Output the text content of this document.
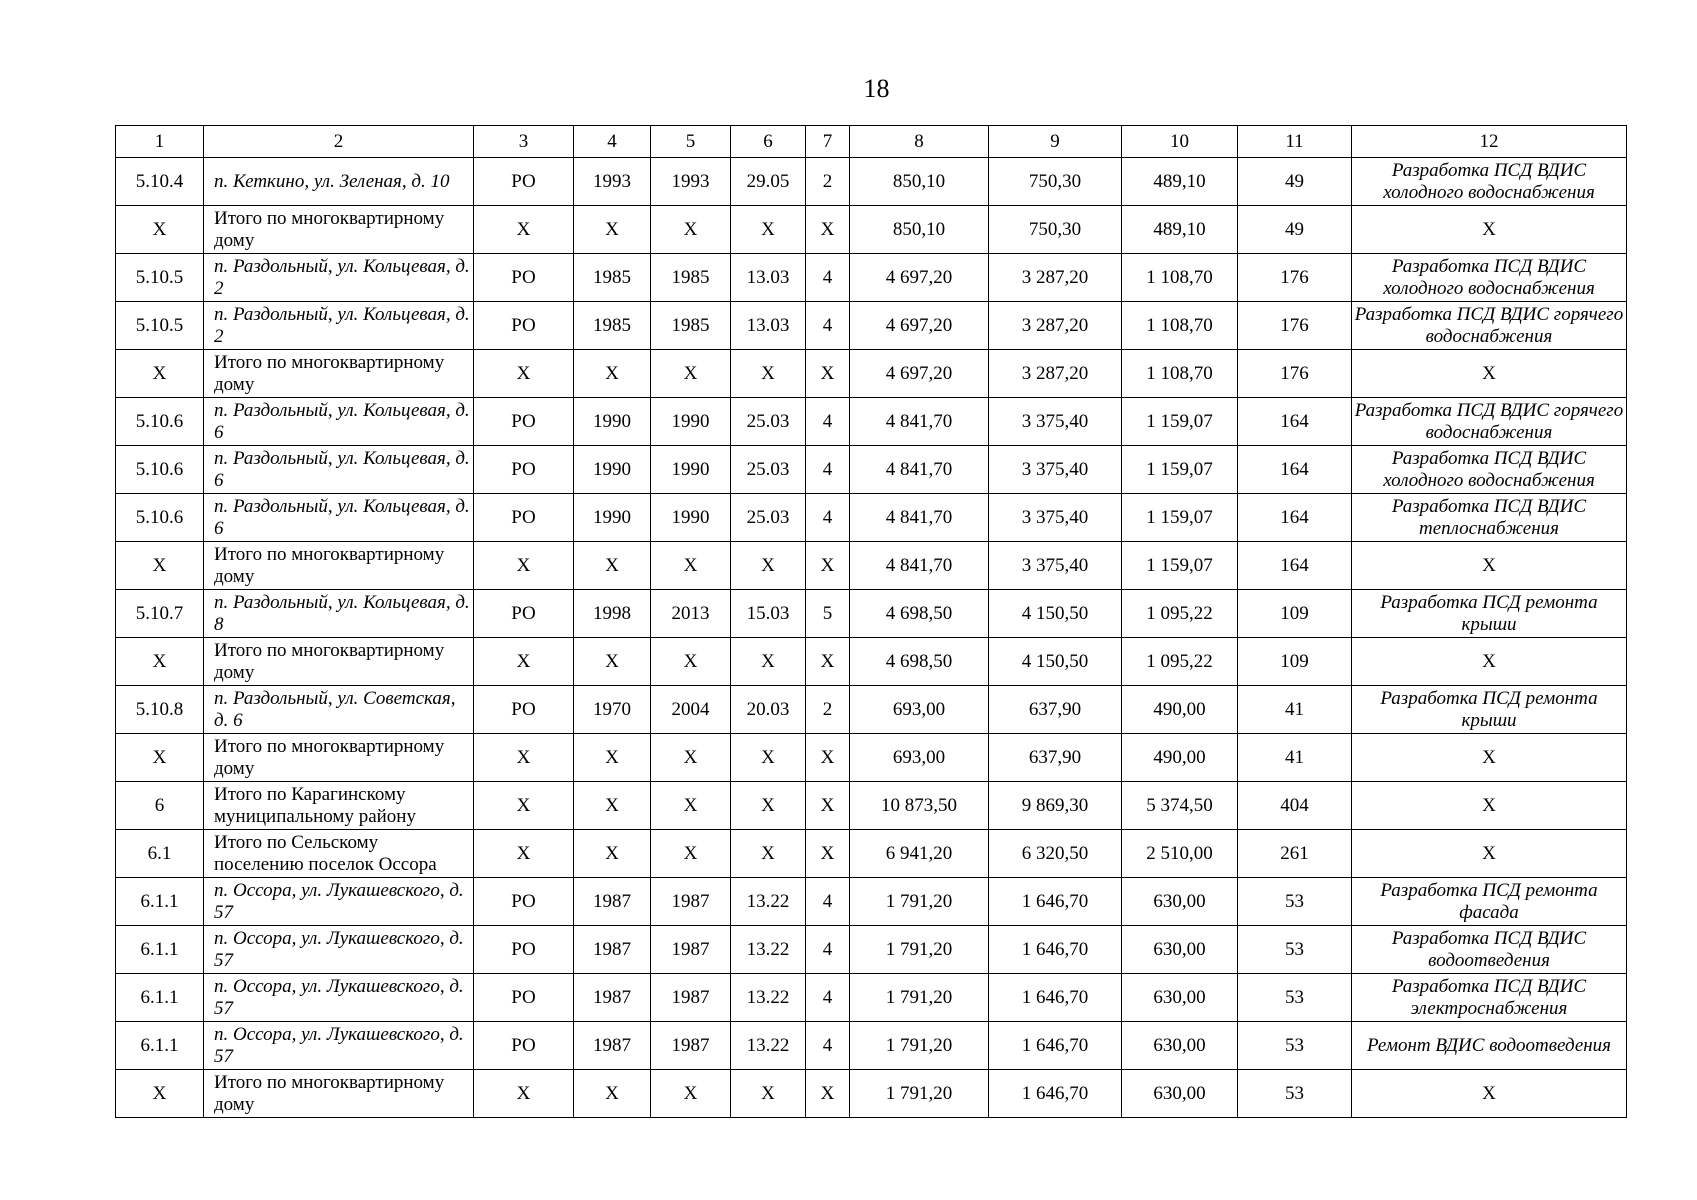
18
1	2	3	4	5	6	7	8	9	10	11	12
5.10.4	п. Кеткино, ул. Зеленая, д. 10	РО	1993	1993	29.05	2	850,10	750,30	489,10	49	Разработка ПСД ВДИС холодного водоснабжения
X	Итого по многоквартирному дому	X	X	X	X	X	850,10	750,30	489,10	49	X
5.10.5	п. Раздольный, ул. Кольцевая, д. 2	РО	1985	1985	13.03	4	4 697,20	3 287,20	1 108,70	176	Разработка ПСД ВДИС холодного водоснабжения
5.10.5	п. Раздольный, ул. Кольцевая, д. 2	РО	1985	1985	13.03	4	4 697,20	3 287,20	1 108,70	176	Разработка ПСД ВДИС горячего водоснабжения
X	Итого по многоквартирному дому	X	X	X	X	X	4 697,20	3 287,20	1 108,70	176	X
5.10.6	п. Раздольный, ул. Кольцевая, д. 6	РО	1990	1990	25.03	4	4 841,70	3 375,40	1 159,07	164	Разработка ПСД ВДИС горячего водоснабжения
5.10.6	п. Раздольный, ул. Кольцевая, д. 6	РО	1990	1990	25.03	4	4 841,70	3 375,40	1 159,07	164	Разработка ПСД ВДИС холодного водоснабжения
5.10.6	п. Раздольный, ул. Кольцевая, д. 6	РО	1990	1990	25.03	4	4 841,70	3 375,40	1 159,07	164	Разработка ПСД ВДИС теплоснабжения
X	Итого по многоквартирному дому	X	X	X	X	X	4 841,70	3 375,40	1 159,07	164	X
5.10.7	п. Раздольный, ул. Кольцевая, д. 8	РО	1998	2013	15.03	5	4 698,50	4 150,50	1 095,22	109	Разработка ПСД ремонта крыши
X	Итого по многоквартирному дому	X	X	X	X	X	4 698,50	4 150,50	1 095,22	109	X
5.10.8	п. Раздольный, ул. Советская, д. 6	РО	1970	2004	20.03	2	693,00	637,90	490,00	41	Разработка ПСД ремонта крыши
X	Итого по многоквартирному дому	X	X	X	X	X	693,00	637,90	490,00	41	X
6	Итого по Карагинскому муниципальному району	X	X	X	X	X	10 873,50	9 869,30	5 374,50	404	X
6.1	Итого по Сельскому поселению поселок Оссора	X	X	X	X	X	6 941,20	6 320,50	2 510,00	261	X
6.1.1	п. Оссора, ул. Лукашевского, д. 57	РО	1987	1987	13.22	4	1 791,20	1 646,70	630,00	53	Разработка ПСД ремонта фасада
6.1.1	п. Оссора, ул. Лукашевского, д. 57	РО	1987	1987	13.22	4	1 791,20	1 646,70	630,00	53	Разработка ПСД ВДИС водоотведения
6.1.1	п. Оссора, ул. Лукашевского, д. 57	РО	1987	1987	13.22	4	1 791,20	1 646,70	630,00	53	Разработка ПСД ВДИС электроснабжения
6.1.1	п. Оссора, ул. Лукашевского, д. 57	РО	1987	1987	13.22	4	1 791,20	1 646,70	630,00	53	Ремонт ВДИС водоотведения
X	Итого по многоквартирному дому	X	X	X	X	X	1 791,20	1 646,70	630,00	53	X
